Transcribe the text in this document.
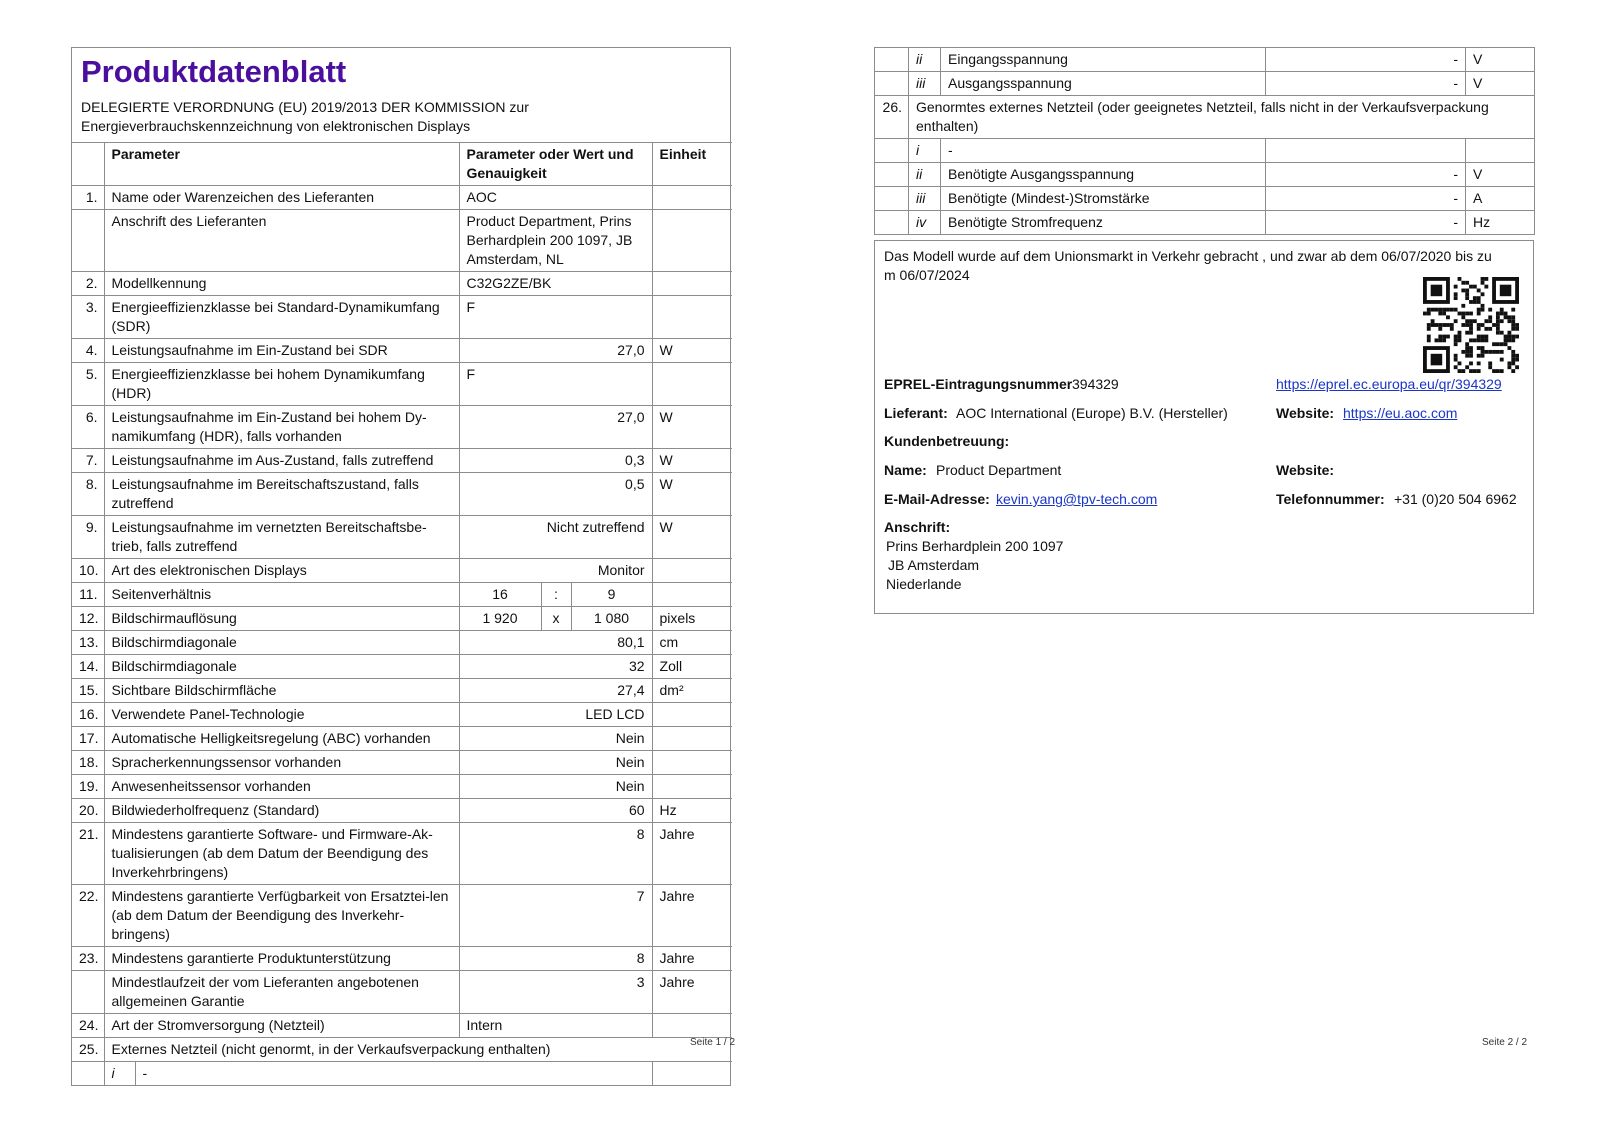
Produktdatenblatt
DELEGIERTE VERORDNUNG (EU) 2019/2013 DER KOMMISSION zur
Energieverbrauchskennzeichnung von elektronischen Displays
	Parameter	Parameter oder Wert und Genauigkeit			Einheit
1.	Name oder Warenzeichen des Lieferanten	AOC			
	Anschrift des Lieferanten	Product Department, Prins Berhardplein 200 1097, JB Amsterdam, NL			
2.	Modellkennung	C32G2ZE/BK			
3.	Energieeffizienzklasse bei Standard-Dynamikumfang (SDR)	F			
4.	Leistungsaufnahme im Ein-Zustand bei SDR	27,0			W
5.	Energieeffizienzklasse bei hohem Dynamikumfang (HDR)	F			
6.	Leistungsaufnahme im Ein-Zustand bei hohem Dy-namikumfang (HDR), falls vorhanden	27,0			W
7.	Leistungsaufnahme im Aus-Zustand, falls zutreffend	0,3			W
8.	Leistungsaufnahme im Bereitschaftszustand, falls zutreffend	0,5			W
9.	Leistungsaufnahme im vernetzten Bereitschaftsbe-trieb, falls zutreffend	Nicht zutreffend			W
10.	Art des elektronischen Displays	Monitor			
11.	Seitenverhältnis	16	:	9	
12.	Bildschirmauflösung	1 920	x	1 080	pixels
13.	Bildschirmdiagonale	80,1			cm
14.	Bildschirmdiagonale	32			Zoll
15.	Sichtbare Bildschirmfläche	27,4			dm²
16.	Verwendete Panel-Technologie	LED LCD			
17.	Automatische Helligkeitsregelung (ABC) vorhanden	Nein			
18.	Spracherkennungssensor vorhanden	Nein			
19.	Anwesenheitssensor vorhanden	Nein			
20.	Bildwiederholfrequenz (Standard)	60			Hz
21.	Mindestens garantierte Software- und Firmware-Ak-tualisierungen (ab dem Datum der Beendigung des Inverkehrbringens)	8			Jahre
22.	Mindestens garantierte Verfügbarkeit von Ersatztei-len (ab dem Datum der Beendigung des Inverkehr-bringens)	7			Jahre
23.	Mindestens garantierte Produktunterstützung	8			Jahre
	Mindestlaufzeit der vom Lieferanten angebotenen allgemeinen Garantie	3			Jahre
24.	Art der Stromversorgung (Netzteil)	Intern			
25.	Externes Netzteil (nicht genormt, in der Verkaufsverpackung enthalten)				

	i -				

Seite 1 / 2
	ii	Eingangsspannung	-	V
	iii	Ausgangsspannung	-	V
26.	Genormtes externes Netzteil (oder geeignetes Netzteil, falls nicht in der Verkaufsverpackung enthalten)			
	i	-		
	ii	Benötigte Ausgangsspannung	-	V
	iii	Benötigte (Mindest-)Stromstärke	-	A
	iv	Benötigte Stromfrequenz	-	Hz
Das Modell wurde auf dem Unionsmarkt in Verkehr gebracht , und zwar ab dem 06/07/2020 bis zu
m 06/07/2024
EPREL-Eintragungsnummer 394329	https://eprel.ec.europa.eu/qr/394329
Lieferant: AOC International (Europe) B.V. (Hersteller)	Website: https://eu.aoc.com
Kundenbetreuung:
Name: Product Department	Website:
E-Mail-Adresse: kevin.yang@tpv-tech.com	Telefonnummer: +31 (0)20 504 6962
Anschrift:
Prins Berhardplein 200 1097
JB Amsterdam
Niederlande
Seite 2 / 2
